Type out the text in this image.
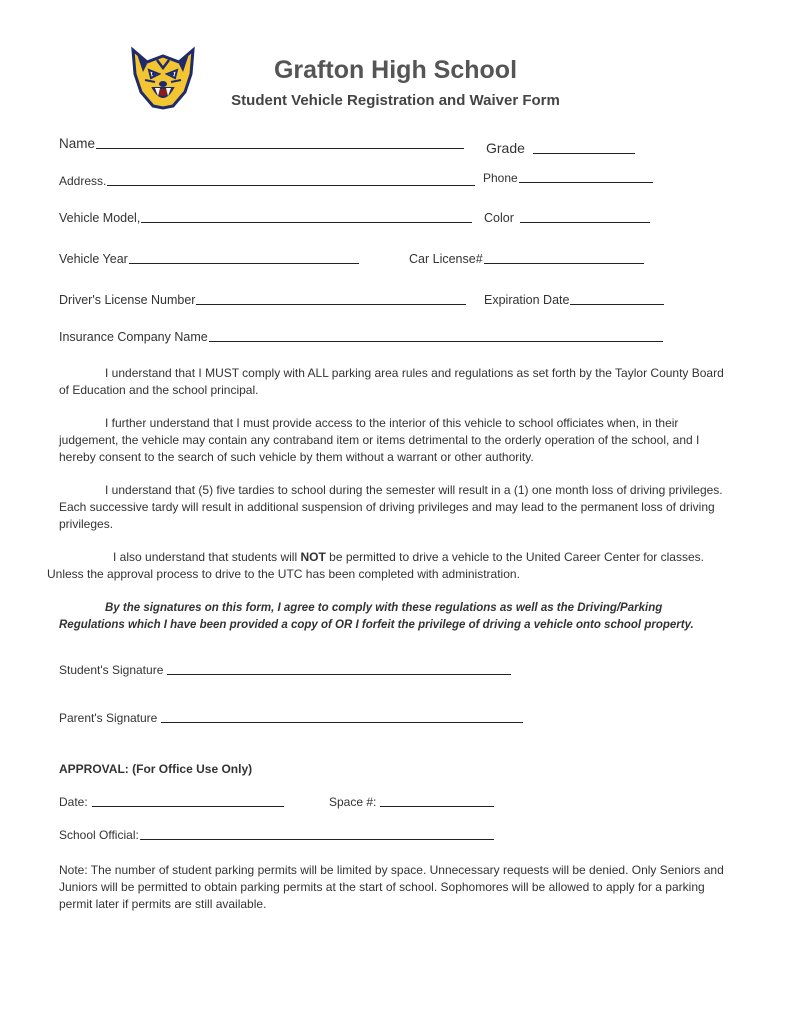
Grafton High School
Student Vehicle Registration and Waiver Form
Name	Grade
Address.	Phone
Vehicle Model,	Color
Vehicle Year	Car License#
Driver's License Number	Expiration Date
Insurance Company Name
I understand that I MUST comply with ALL parking area rules and regulations as set forth by the Taylor County Board of Education and the school principal.
I further understand that I must provide access to the interior of this vehicle to school officiates when, in their judgement, the vehicle may contain any contraband item or items detrimental to the orderly operation of the school, and I hereby consent to the search of such vehicle by them without a warrant or other authority.
I understand that (5) five tardies to school during the semester will result in a (1) one month loss of driving privileges. Each successive tardy will result in additional suspension of driving privileges and may lead to the permanent loss of driving privileges.
I also understand that students will NOT be permitted to drive a vehicle to the United Career Center for classes. Unless the approval process to drive to the UTC has been completed with administration.
By the signatures on this form, I agree to comply with these regulations as well as the Driving/Parking Regulations which I have been provided a copy of OR I forfeit the privilege of driving a vehicle onto school property.
Student's Signature
Parent's Signature
APPROVAL: (For Office Use Only)
Date:	Space #:
School Official:
Note: The number of student parking permits will be limited by space. Unnecessary requests will be denied. Only Seniors and Juniors will be permitted to obtain parking permits at the start of school. Sophomores will be allowed to apply for a parking permit later if permits are still available.
